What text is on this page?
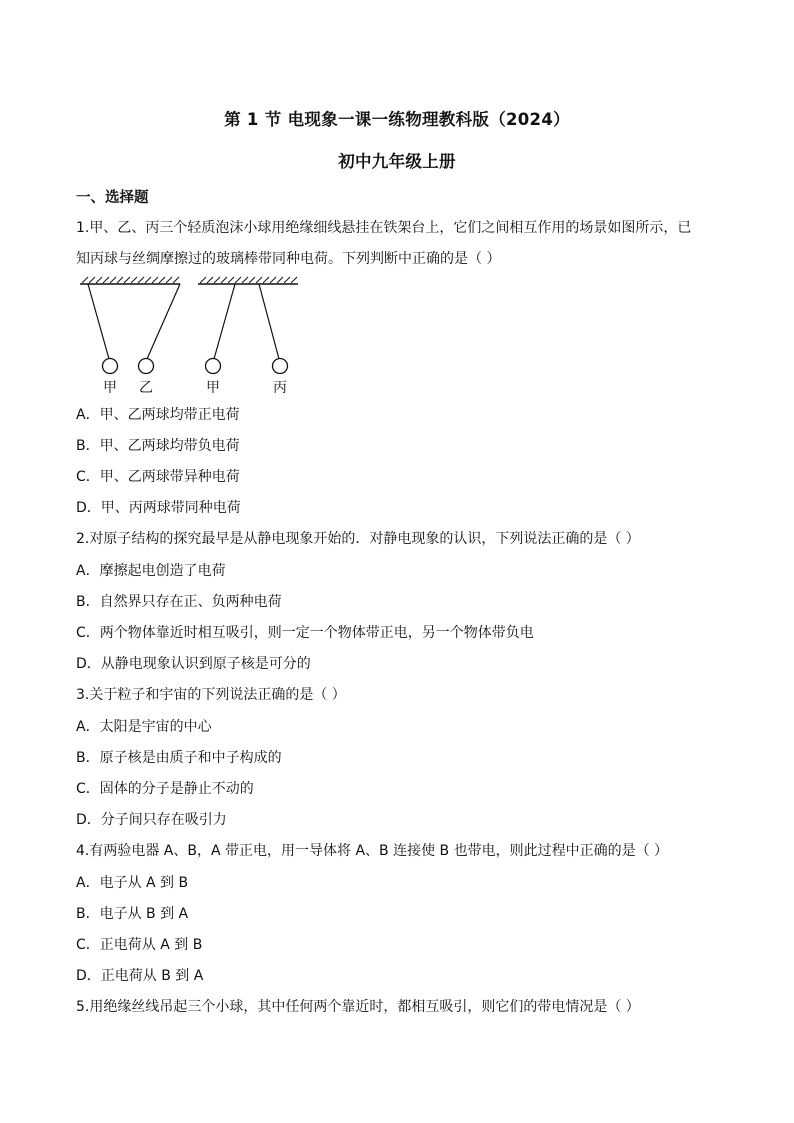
第 1 节 电现象一课一练物理教科版（2024）
初中九年级上册
一、选择题
1.甲、乙、丙三个轻质泡沫小球用绝缘细线悬挂在铁架台上，它们之间相互作用的场景如图所示，已
知丙球与丝绸摩擦过的玻璃棒带同种电荷。下列判断中正确的是（ ）
甲 乙	甲	丙
A．甲、乙两球均带正电荷
B．甲、乙两球均带负电荷
C．甲、乙两球带异种电荷
D．甲、丙两球带同种电荷
2.对原子结构的探究最早是从静电现象开始的．对静电现象的认识，下列说法正确的是（ ）
A．摩擦起电创造了电荷
B．自然界只存在正、负两种电荷
C．两个物体靠近时相互吸引，则一定一个物体带正电，另一个物体带负电
D．从静电现象认识到原子核是可分的
3.关于粒子和宇宙的下列说法正确的是（ ）
A．太阳是宇宙的中心
B．原子核是由质子和中子构成的
C．固体的分子是静止不动的
D．分子间只存在吸引力
4.有两验电器 A、B，A 带正电，用一导体将 A、B 连接使 B 也带电，则此过程中正确的是（ ）
A．电子从 A 到 B
B．电子从 B 到 A
C．正电荷从 A 到 B
D．正电荷从 B 到 A
5.用绝缘丝线吊起三个小球，其中任何两个靠近时，都相互吸引，则它们的带电情况是（ ）
